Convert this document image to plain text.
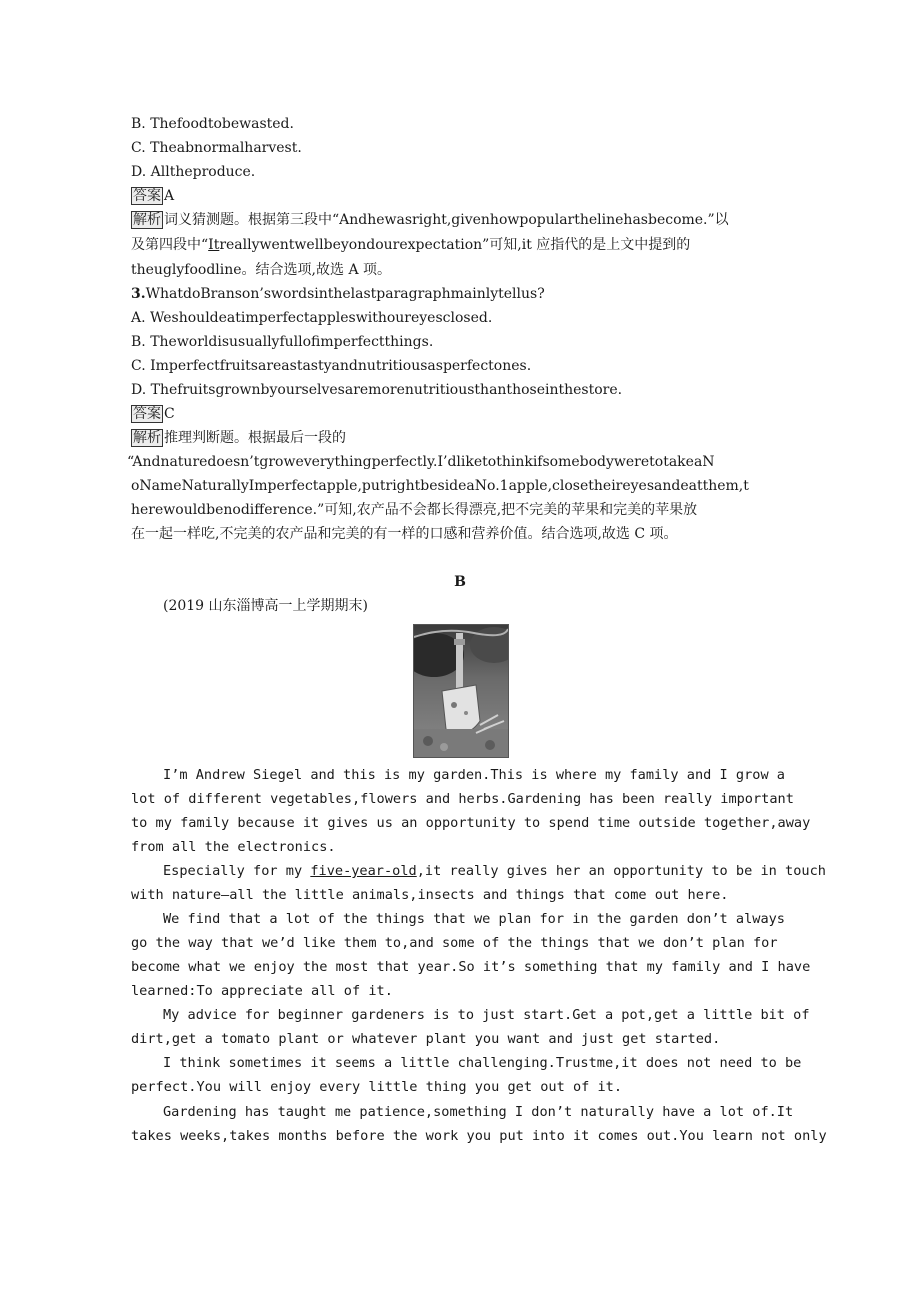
B. Thefoodtobewasted.
C. Theabnormalharvest.
D. Alltheproduce.
答案 A
解析 词义猜测题。根据第三段中“Andhewasright,givenhowpopularthelinehasbecome.”以
及第四段中“Itreallywentwellbeyondourexpectation”可知,it 应指代的是上文中提到的
theuglyfoodline。结合选项,故选 A 项。
3.WhatdoBranson’swordsinthelastparagraphmainlytellus?
A. Weshouldeatimperfectappleswithoureyesclosed.
B. Theworldisusuallyfullofimperfectthings.
C. Imperfectfruitsareastastyandnutritiousasperfectones.
D. Thefruitsgrownbyourselvesaremorenutritiousthanthoseinthestore.
答案 C
解析 推理判断题。根据最后一段的
“Andnaturedoesn’tgroweverythingperfectly.I’dliketothinkifsomebodyweretotakeaN
oNameNaturallyImperfectapple,putrightbesideaNo.1apple,closetheireyesandeatthem,t
herewouldbenodifference.”可知,农产品不会都长得漂亮,把不完美的苹果和完美的苹果放
在一起一样吃,不完美的农产品和完美的有一样的口感和营养价值。结合选项,故选 C 项。
B
(2019 山东淄博高一上学期期末)
I’m Andrew Siegel and this is my garden.This is where my family and I grow a
lot of different vegetables,flowers and herbs.Gardening has been really important
to my family because it gives us an opportunity to spend time outside together,away
from all the electronics.
Especially for my five-year-old,it really gives her an opportunity to be in touch
with nature—all the little animals,insects and things that come out here.
We find that a lot of the things that we plan for in the garden don’t always
go the way that we’d like them to,and some of the things that we don’t plan for
become what we enjoy the most that year.So it’s something that my family and I have
learned:To appreciate all of it.
My advice for beginner gardeners is to just start.Get a pot,get a little bit of
dirt,get a tomato plant or whatever plant you want and just get started.
I think sometimes it seems a little challenging.Trustme,it does not need to be
perfect.You will enjoy every little thing you get out of it.
Gardening has taught me patience,something I don’t naturally have a lot of.It
takes weeks,takes months before the work you put into it comes out.You learn not only
